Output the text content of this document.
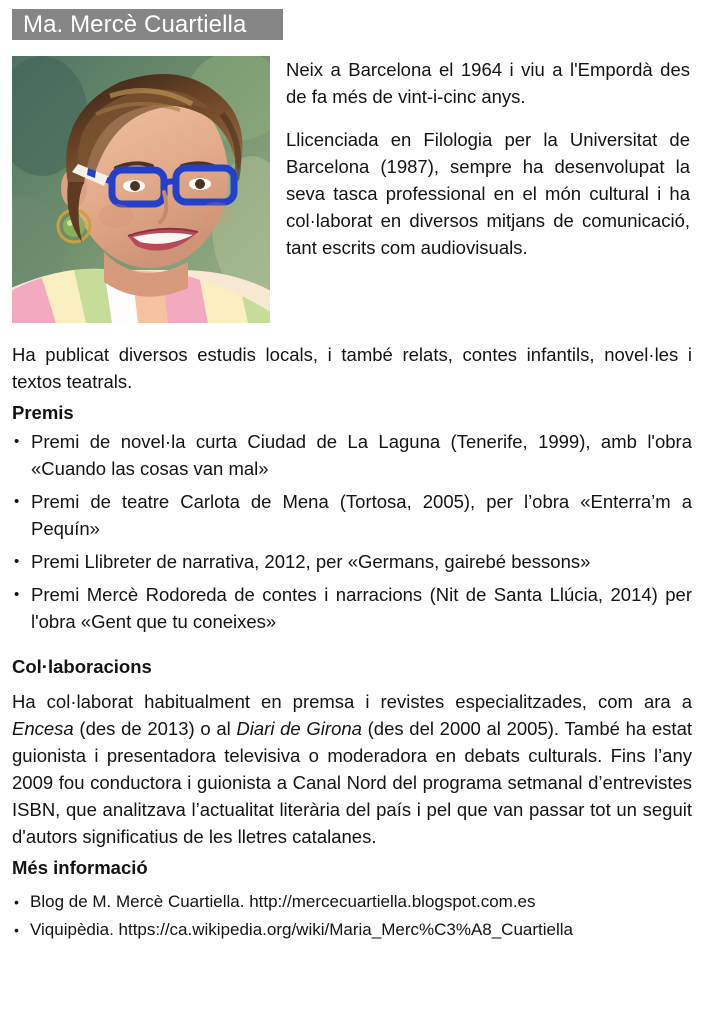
Ma. Mercè Cuartiella

Neix a Barcelona el 1964 i viu a l'Empordà des de fa més de vint-i-cinc anys.

Llicenciada en Filologia per la Universitat de Barcelona (1987), sempre ha desenvolupat la seva tasca professional en el món cultural i ha col·laborat en diversos mitjans de comunicació, tant escrits com audiovisuals.

Ha publicat diversos estudis locals, i també relats, contes infantils, novel·les i textos teatrals.

Premis
• Premi de novel·la curta Ciudad de La Laguna (Tenerife, 1999), amb l'obra «Cuando las cosas van mal»
• Premi de teatre Carlota de Mena (Tortosa, 2005), per l’obra «Enterra’m a Pequín»
• Premi Llibreter de narrativa, 2012, per «Germans, gairebé bessons»
• Premi Mercè Rodoreda de contes i narracions (Nit de Santa Llúcia, 2014) per l'obra «Gent que tu coneixes»
Col·laboracions

Ha col·laborat habitualment en premsa i revistes especialitzades, com ara a Encesa (des de 2013) o al Diari de Girona (des del 2000 al 2005). També ha estat guionista i presentadora televisiva o moderadora en debats culturals. Fins l’any 2009 fou conductora i guionista a Canal Nord del programa setmanal d’entrevistes ISBN, que analitzava l’actualitat literària del país i pel que van passar tot un seguit d'autors significatius de les lletres catalanes.

Més informació
• Blog de M. Mercè Cuartiella. http://mercecuartiella.blogspot.com.es
• Viquipèdia. https://ca.wikipedia.org/wiki/Maria_Merc%C3%A8_Cuartiella
